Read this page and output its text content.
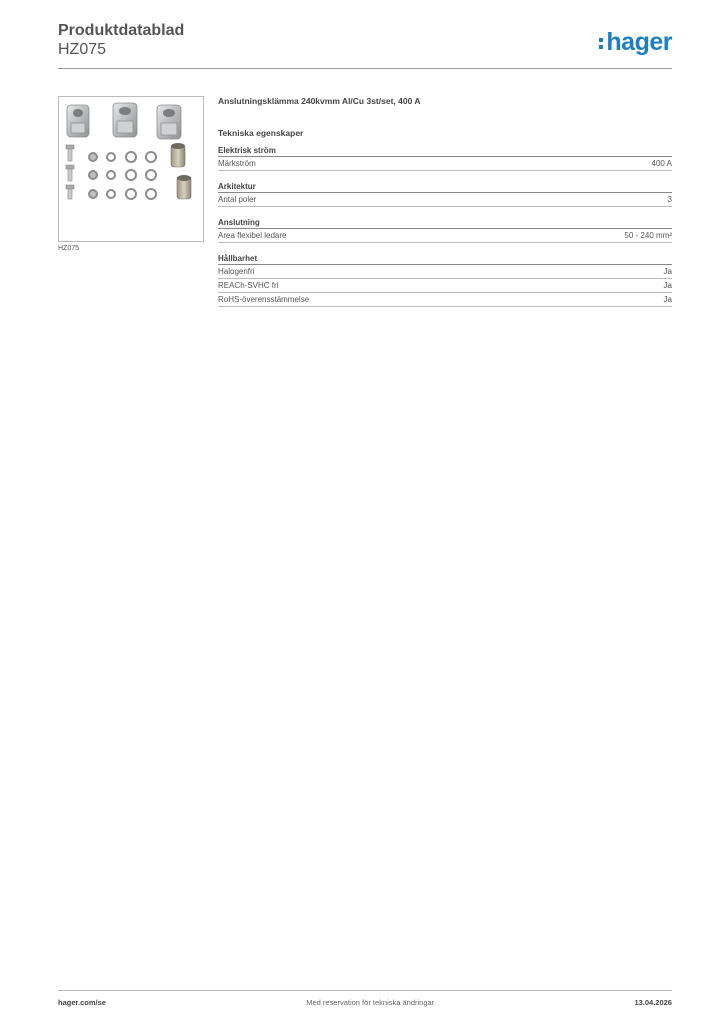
Produktdatablad
HZ075	hager
HZ075
Anslutningsklämma 240kvmm Al/Cu 3st/set, 400 A
Tekniska egenskaper
Elektrisk ström
Märkström	400 A
Arkitektur
Antal poler	3
Anslutning
Area flexibel ledare	50 - 240 mm²
Hållbarhet
Halogenfri	Ja
REACh-SVHC fri	Ja
RoHS-överensstämmelse	Ja
hager.com/se	Med reservation för tekniska ändringar	13.04.2026
